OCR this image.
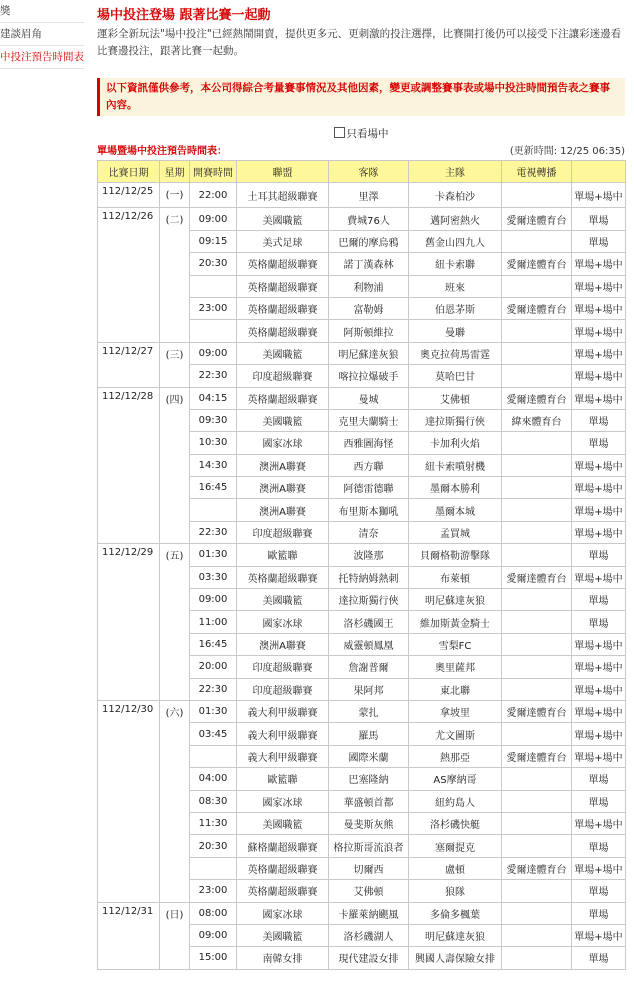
獎
建談眉角
中投注預告時間表
場中投注登場 跟著比賽一起動
運彩全新玩法"場中投注"已經熱鬧開賣，提供更多元、更刺激的投注選擇，比賽開打後仍可以接受下注讓彩迷邊看比賽邊投注，跟著比賽一起動。
以下資訊僅供參考，本公司得綜合考量賽事情況及其他因素，變更或調整賽事表或場中投注時間預告表之賽事內容。
只看場中
單場暨場中投注預告時間表：	(更新時間: 12/25 06:35)
比賽日期	星期	開賽時間	聯盟	客隊	主隊	電視轉播	
112/12/25	(一)	22:00	土耳其超級聯賽	里澤	卡森柏沙		單場+場中
112/12/26	(二)	09:00	美國職籃	費城76人	邁阿密熱火	愛爾達體育台	單場
		09:15	美式足球	巴爾的摩烏鴉	舊金山四九人		單場
		20:30	英格蘭超級聯賽	諾丁漢森林	紐卡索聯	愛爾達體育台	單場+場中
			英格蘭超級聯賽	利物浦	班來		單場+場中
		23:00	英格蘭超級聯賽	富勒姆	伯恩茅斯	愛爾達體育台	單場+場中
			英格蘭超級聯賽	阿斯頓維拉	曼聯		單場+場中
112/12/27	(三)	09:00	美國職籃	明尼蘇達灰狼	奧克拉荷馬雷霆		單場+場中
		22:30	印度超級聯賽	喀拉拉爆破手	莫哈巴甘		單場+場中
112/12/28	(四)	04:15	英格蘭超級聯賽	曼城	艾佛頓	愛爾達體育台	單場+場中
		09:30	美國職籃	克里夫蘭騎士	達拉斯獨行俠	緯來體育台	單場
		10:30	國家冰球	西雅圖海怪	卡加利火焰		單場
		14:30	澳洲A聯賽	西方聯	紐卡索噴射機		單場+場中
		16:45	澳洲A聯賽	阿德雷德聯	墨爾本勝利		單場+場中
			澳洲A聯賽	布里斯本獅吼	墨爾本城		單場+場中
		22:30	印度超級聯賽	清奈	孟買城		單場+場中
112/12/29	(五)	01:30	歐籃聯	波隆那	貝爾格勒游擊隊		單場
		03:30	英格蘭超級聯賽	托特納姆熱刺	布萊頓	愛爾達體育台	單場+場中
		09:00	美國職籃	達拉斯獨行俠	明尼蘇達灰狼		單場
		11:00	國家冰球	洛杉磯國王	維加斯黃金騎士		單場
		16:45	澳洲A聯賽	威靈頓鳳凰	雪梨FC		單場+場中
		20:00	印度超級聯賽	詹謝普爾	奧里薩邦		單場+場中
		22:30	印度超級聯賽	果阿邦	東北聯		單場+場中
112/12/30	(六)	01:30	義大利甲級聯賽	蒙扎	拿坡里	愛爾達體育台	單場+場中
		03:45	義大利甲級聯賽	羅馬	尤文圖斯		單場+場中
			義大利甲級聯賽	國際米蘭	熱那亞	愛爾達體育台	單場+場中
		04:00	歐籃聯	巴塞隆納	AS摩納哥		單場
		08:30	國家冰球	華盛頓首都	紐約島人		單場
		11:30	美國職籃	曼斐斯灰熊	洛杉磯快艇		單場+場中
		20:30	蘇格蘭超級聯賽	格拉斯哥流浪者	塞爾提克		單場
			英格蘭超級聯賽	切爾西	盧頓	愛爾達體育台	單場+場中
		23:00	英格蘭超級聯賽	艾佛頓	狼隊		單場
112/12/31	(日)	08:00	國家冰球	卡羅萊納颶風	多倫多楓葉		單場
		09:00	美國職籃	洛杉磯湖人	明尼蘇達灰狼		單場+場中
		15:00	南韓女排	現代建設女排	興國人壽保險女排		單場
